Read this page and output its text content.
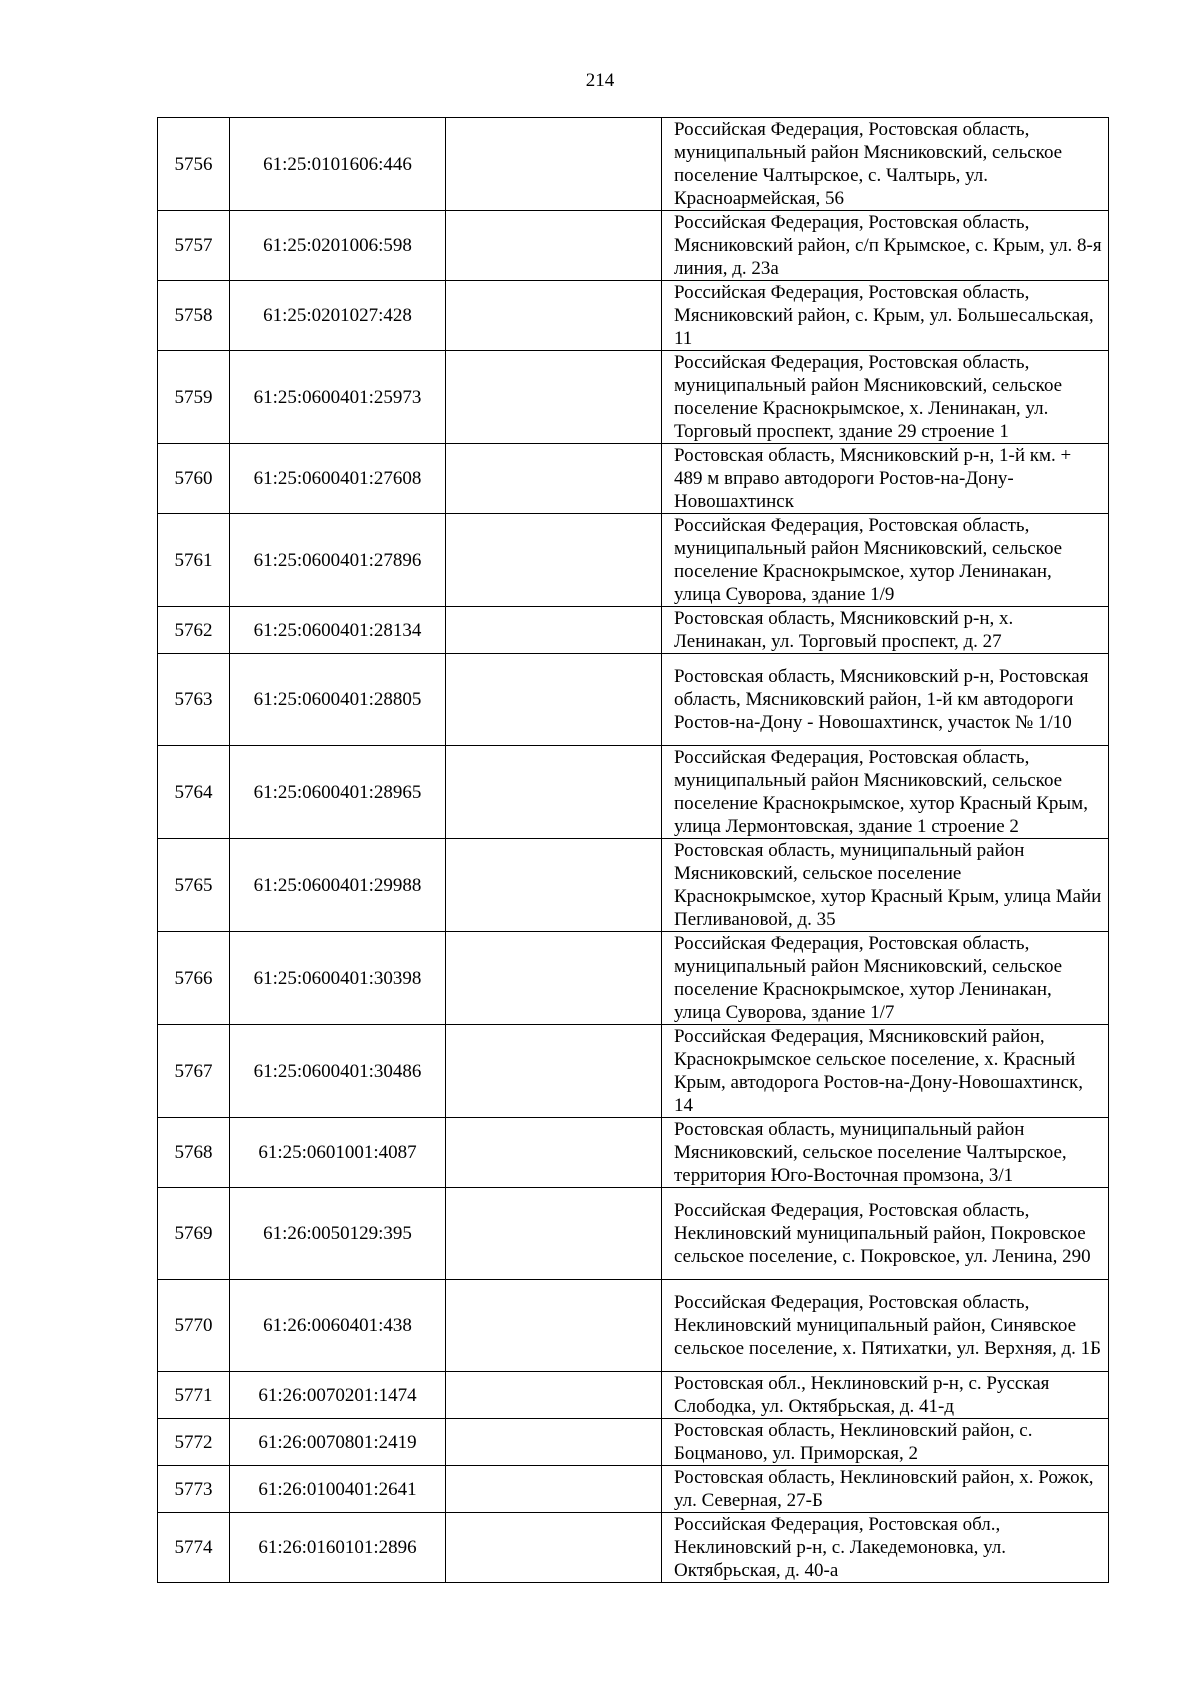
214
5756	61:25:0101606:446		Российская Федерация, Ростовская область, муниципальный район Мясниковский, сельское поселение Чалтырское, с. Чалтырь, ул. Красноармейская, 56
5757	61:25:0201006:598		Российская Федерация, Ростовская область, Мясниковский район, с/п Крымское, с. Крым, ул. 8-я линия, д. 23а
5758	61:25:0201027:428		Российская Федерация, Ростовская область, Мясниковский район, с. Крым, ул. Большесальская, 11
5759	61:25:0600401:25973		Российская Федерация, Ростовская область, муниципальный район Мясниковский, сельское поселение Краснокрымское, х. Ленинакан, ул. Торговый проспект, здание 29 строение 1
5760	61:25:0600401:27608		Ростовская область, Мясниковский р-н, 1-й км. + 489 м вправо автодороги Ростов-на-Дону-Новошахтинск
5761	61:25:0600401:27896		Российская Федерация, Ростовская область, муниципальный район Мясниковский, сельское поселение Краснокрымское, хутор Ленинакан, улица Суворова, здание 1/9
5762	61:25:0600401:28134		Ростовская область, Мясниковский р-н, х. Ленинакан, ул. Торговый проспект, д. 27
5763	61:25:0600401:28805		Ростовская область, Мясниковский р-н, Ростовская область, Мясниковский район, 1-й км автодороги Ростов-на-Дону - Новошахтинск, участок № 1/10
5764	61:25:0600401:28965		Российская Федерация, Ростовская область, муниципальный район Мясниковский, сельское поселение Краснокрымское, хутор Красный Крым, улица Лермонтовская, здание 1 строение 2
5765	61:25:0600401:29988		Ростовская область, муниципальный район Мясниковский, сельское поселение Краснокрымское, хутор Красный Крым, улица Майи Пегливановой, д. 35
5766	61:25:0600401:30398		Российская Федерация, Ростовская область, муниципальный район Мясниковский, сельское поселение Краснокрымское, хутор Ленинакан, улица Суворова, здание 1/7
5767	61:25:0600401:30486		Российская Федерация, Мясниковский район, Краснокрымское сельское поселение, х. Красный Крым, автодорога Ростов-на-Дону-Новошахтинск, 14
5768	61:25:0601001:4087		Ростовская область, муниципальный район Мясниковский, сельское поселение Чалтырское, территория Юго-Восточная промзона, 3/1
5769	61:26:0050129:395		Российская Федерация, Ростовская область, Неклиновский муниципальный район, Покровское сельское поселение, с. Покровское, ул. Ленина, 290
5770	61:26:0060401:438		Российская Федерация, Ростовская область, Неклиновский муниципальный район, Синявское сельское поселение, х. Пятихатки, ул. Верхняя, д. 1Б
5771	61:26:0070201:1474		Ростовская обл., Неклиновский р-н, с. Русская Слободка, ул. Октябрьская, д. 41-д
5772	61:26:0070801:2419		Ростовская область, Неклиновский район, с. Боцманово, ул. Приморская, 2
5773	61:26:0100401:2641		Ростовская область, Неклиновский район, х. Рожок, ул. Северная, 27-Б
5774	61:26:0160101:2896		Российская Федерация, Ростовская обл., Неклиновский р-н, с. Лакедемоновка, ул. Октябрьская, д. 40-а
